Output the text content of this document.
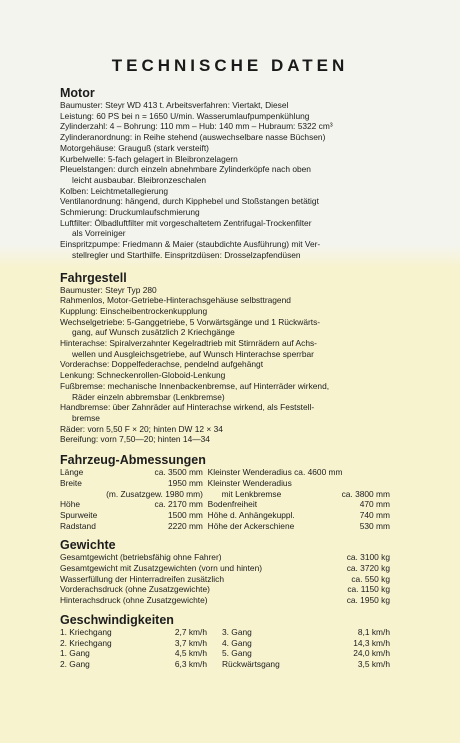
TECHNISCHE DATEN
Motor

Baumuster: Steyr WD 413 t. Arbeitsverfahren: Viertakt, Diesel

Leistung: 60 PS bei n = 1650 U/min. Wasserumlaufpumpenkühlung

Zylinderzahl: 4 – Bohrung: 110 mm – Hub: 140 mm – Hubraum: 5322 cm³

Zylinderanordnung: in Reihe stehend (auswechselbare nasse Büchsen)

Motorgehäuse: Grauguß (stark versteift)

Kurbelwelle: 5-fach gelagert in Bleibronzelagern

Pleuelstangen: durch einzeln abnehmbare Zylinderköpfe nach oben

leicht ausbaubar. Bleibronzeschalen

Kolben: Leichtmetallegierung

Ventilanordnung: hängend, durch Kipphebel und Stoßstangen betätigt

Schmierung: Druckumlaufschmierung

Luftfilter: Ölbadluftfilter mit vorgeschaltetem Zentrifugal-Trockenfilter

als Vorreiniger

Einspritzpumpe: Friedmann & Maier (staubdichte Ausführung) mit Ver-

stellregler und Starthilfe. Einspritzdüsen: Drosselzapfendüsen

Fahrgestell

Baumuster: Steyr Typ 280

Rahmenlos, Motor-Getriebe-Hinterachsgehäuse selbsttragend

Kupplung: Einscheibentrockenkupplung

Wechselgetriebe: 5-Ganggetriebe, 5 Vorwärtsgänge und 1 Rückwärts-

gang, auf Wunsch zusätzlich 2 Kriechgänge

Hinterachse: Spiralverzahnter Kegelradtrieb mit Stirnrädern auf Achs-

wellen und Ausgleichsgetriebe, auf Wunsch Hinterachse sperrbar

Vorderachse: Doppelfederachse, pendelnd aufgehängt

Lenkung: Schneckenrollen-Globoid-Lenkung

Fußbremse: mechanische Innenbackenbremse, auf Hinterräder wirkend,

Räder einzeln abbremsbar (Lenkbremse)

Handbremse: über Zahnräder auf Hinterachse wirkend, als Feststell-

bremse

Räder: vorn 5,50 F × 20; hinten DW 12 × 34

Bereifung: vorn 7,50—20; hinten 14—34

Fahrzeug-Abmessungen
Länge	ca. 3500 mm		Kleinster Wenderadius ca. 4600 mm	
Breite	1950 mm		Kleinster Wenderadius	
	(m. Zusatzgew. 1980 mm)		mit Lenkbremse	ca. 3800 mm
Höhe	ca. 2170 mm		Bodenfreiheit	470 mm
Spurweite	1500 mm		Höhe d. Anhängekuppl.	740 mm
Radstand	2220 mm		Höhe der Ackerschiene	530 mm
Gewichte
Gesamtgewicht (betriebsfähig ohne Fahrer)	ca. 3100 kg
Gesamtgewicht mit Zusatzgewichten (vorn und hinten)	ca. 3720 kg
Wasserfüllung der Hinterradreifen zusätzlich	ca. 550 kg
Vorderachsdruck (ohne Zusatzgewichte)	ca. 1150 kg
Hinterachsdruck (ohne Zusatzgewichte)	ca. 1950 kg
Geschwindigkeiten
1. Kriechgang	2,7 km/h		3. Gang	8,1 km/h
2. Kriechgang	3,7 km/h		4. Gang	14,3 km/h
1. Gang	4,5 km/h		5. Gang	24,0 km/h
2. Gang	6,3 km/h		Rückwärtsgang	3,5 km/h
